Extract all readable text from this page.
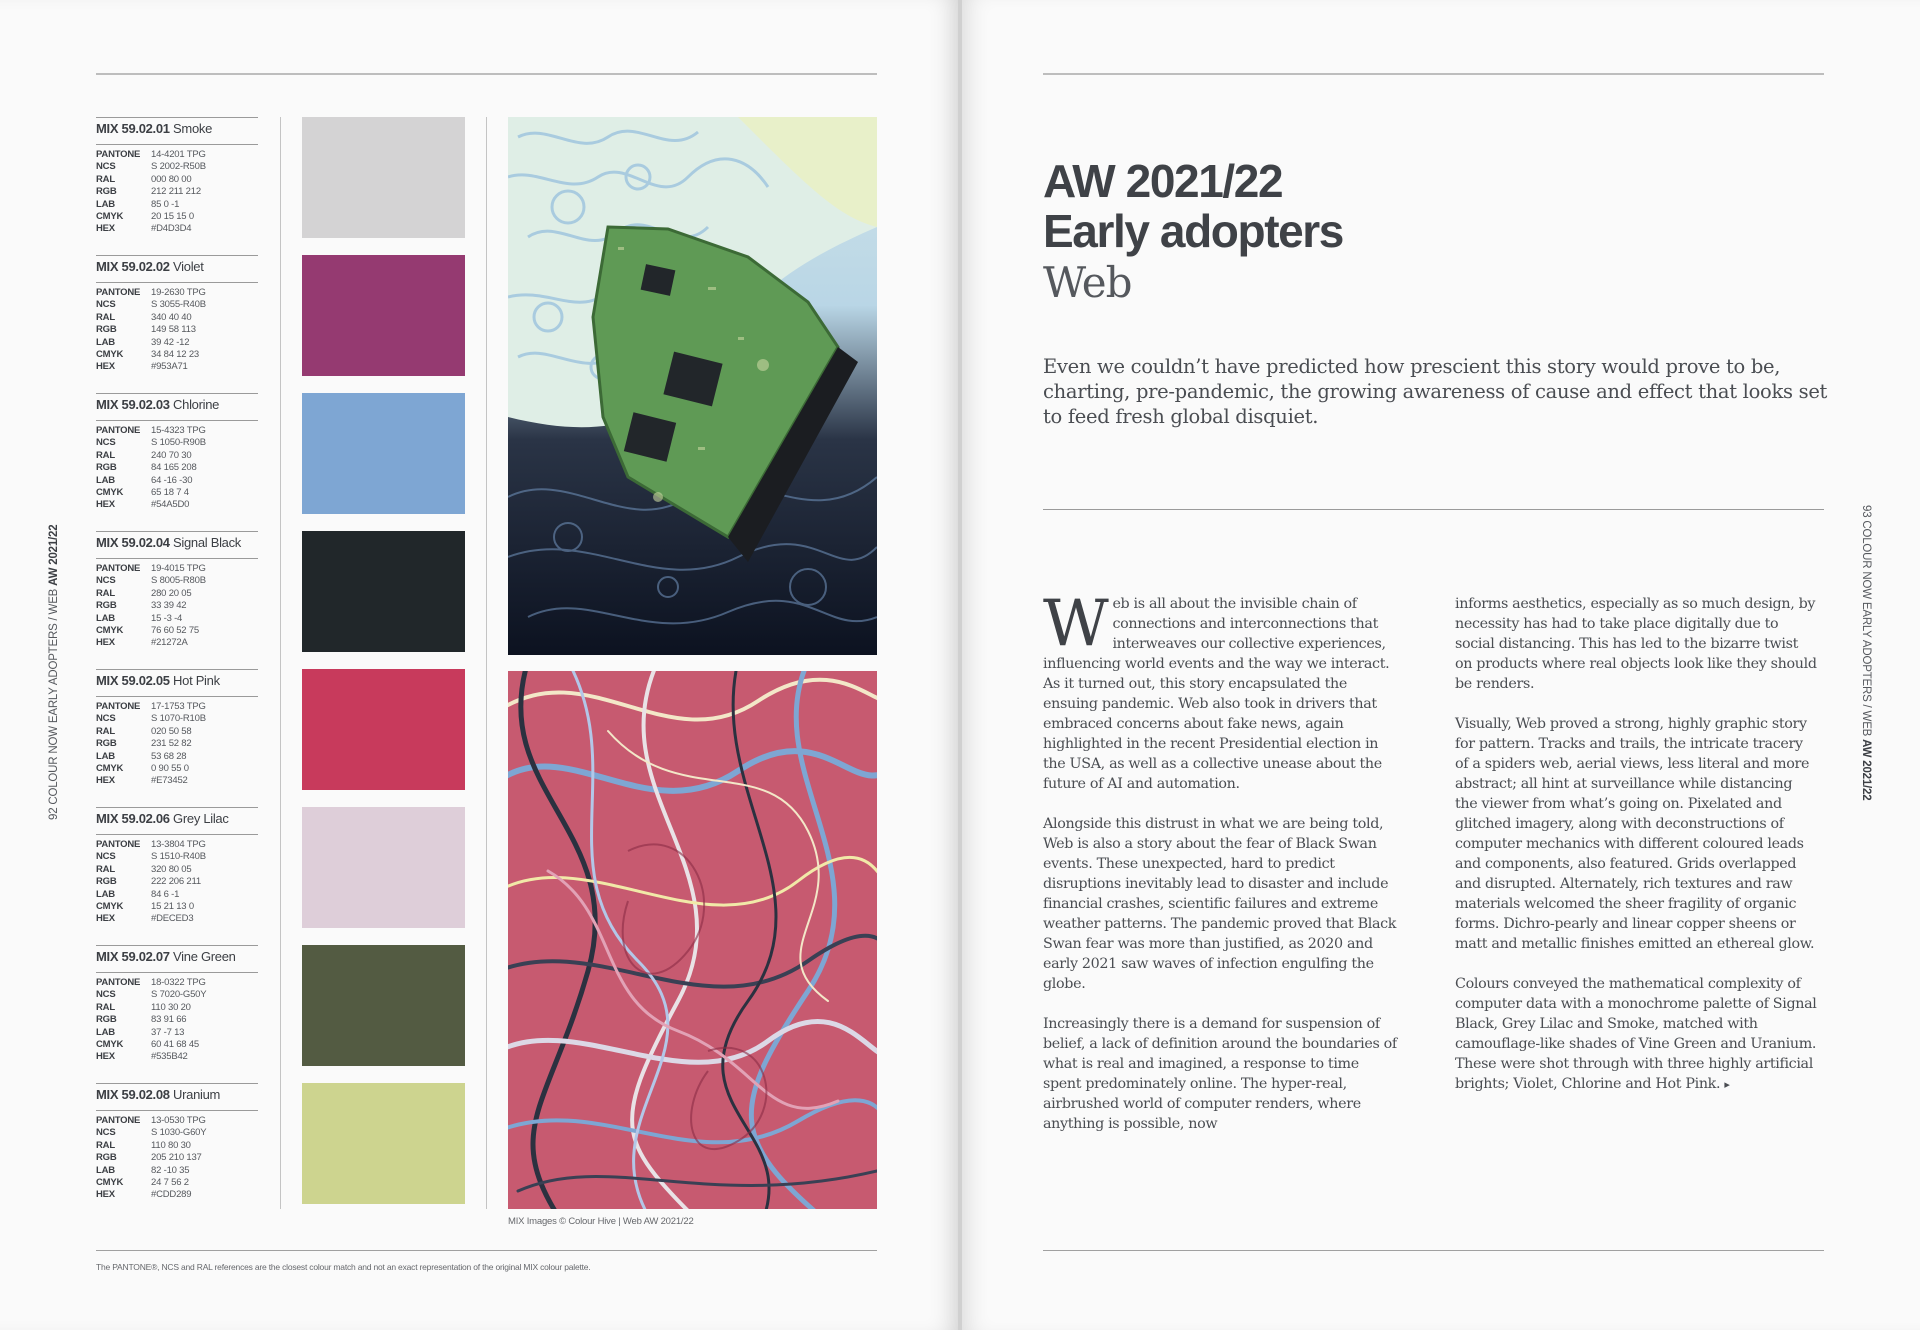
92 COLOUR NOW EARLY ADOPTERS / WEB AW 2021/22
MIX 59.02.01 Smoke
PANTONE	14-4201 TPG
NCS	S 2002-R50B
RAL	000 80 00
RGB	212 211 212
LAB	85 0 -1
CMYK	20 15 15 0
HEX	#D4D3D4
MIX 59.02.02 Violet
PANTONE	19-2630 TPG
NCS	S 3055-R40B
RAL	340 40 40
RGB	149 58 113
LAB	39 42 -12
CMYK	34 84 12 23
HEX	#953A71
MIX 59.02.03 Chlorine
PANTONE	15-4323 TPG
NCS	S 1050-R90B
RAL	240 70 30
RGB	84 165 208
LAB	64 -16 -30
CMYK	65 18 7 4
HEX	#54A5D0
MIX 59.02.04 Signal Black
PANTONE	19-4015 TPG
NCS	S 8005-R80B
RAL	280 20 05
RGB	33 39 42
LAB	15 -3 -4
CMYK	76 60 52 75
HEX	#21272A
MIX 59.02.05 Hot Pink
PANTONE	17-1753 TPG
NCS	S 1070-R10B
RAL	020 50 58
RGB	231 52 82
LAB	53 68 28
CMYK	0 90 55 0
HEX	#E73452
MIX 59.02.06 Grey Lilac
PANTONE	13-3804 TPG
NCS	S 1510-R40B
RAL	320 80 05
RGB	222 206 211
LAB	84 6 -1
CMYK	15 21 13 0
HEX	#DECED3
MIX 59.02.07 Vine Green
PANTONE	18-0322 TPG
NCS	S 7020-G50Y
RAL	110 30 20
RGB	83 91 66
LAB	37 -7 13
CMYK	60 41 68 45
HEX	#535B42
MIX 59.02.08 Uranium
PANTONE	13-0530 TPG
NCS	S 1030-G60Y
RAL	110 80 30
RGB	205 210 137
LAB	82 -10 35
CMYK	24 7 56 2
HEX	#CDD289
MIX Images © Colour Hive | Web AW 2021/22
The PANTONE®, NCS and RAL references are the closest colour match and not an exact representation of the original MIX colour palette.
AW 2021/22
Early adopters
Web
Even we couldn’t have predicted how prescient this story would prove to be, charting, pre-pandemic, the growing awareness of cause and effect that looks set to feed fresh global disquiet.

Web is all about the invisible chain of connections and interconnections that interweaves our collective experiences, influencing world events and the way we interact. As it turned out, this story encapsulated the ensuing pandemic. Web also took in drivers that embraced concerns about fake news, again highlighted in the recent Presidential election in the USA, as well as a collective unease about the future of AI and automation.

Alongside this distrust in what we are being told, Web is also a story about the fear of Black Swan events. These unexpected, hard to predict disruptions inevitably lead to disaster and include financial crashes, scientific failures and extreme weather patterns. The pandemic proved that Black Swan fear was more than justified, as 2020 and early 2021 saw waves of infection engulfing the globe.

Increasingly there is a demand for suspension of belief, a lack of definition around the boundaries of what is real and imagined, a response to time spent predominately online. The hyper-real, airbrushed world of computer renders, where anything is possible, now

informs aesthetics, especially as so much design, by necessity has had to take place digitally due to social distancing. This has led to the bizarre twist on products where real objects look like they should be renders.

Visually, Web proved a strong, highly graphic story for pattern. Tracks and trails, the intricate tracery of a spiders web, aerial views, less literal and more abstract; all hint at surveillance while distancing the viewer from what’s going on. Pixelated and glitched imagery, along with deconstructions of computer mechanics with different coloured leads and components, also featured. Grids overlapped and disrupted. Alternately, rich textures and raw materials welcomed the sheer fragility of organic forms. Dichro-pearly and linear copper sheens or matt and metallic finishes emitted an ethereal glow.

Colours conveyed the mathematical complexity of computer data with a monochrome palette of Signal Black, Grey Lilac and Smoke, matched with camouflage-like shades of Vine Green and Uranium. These were shot through with three highly artificial brights; Violet, Chlorine and Hot Pink. ▸

93 COLOUR NOW EARLY ADOPTERS / WEB AW 2021/22
